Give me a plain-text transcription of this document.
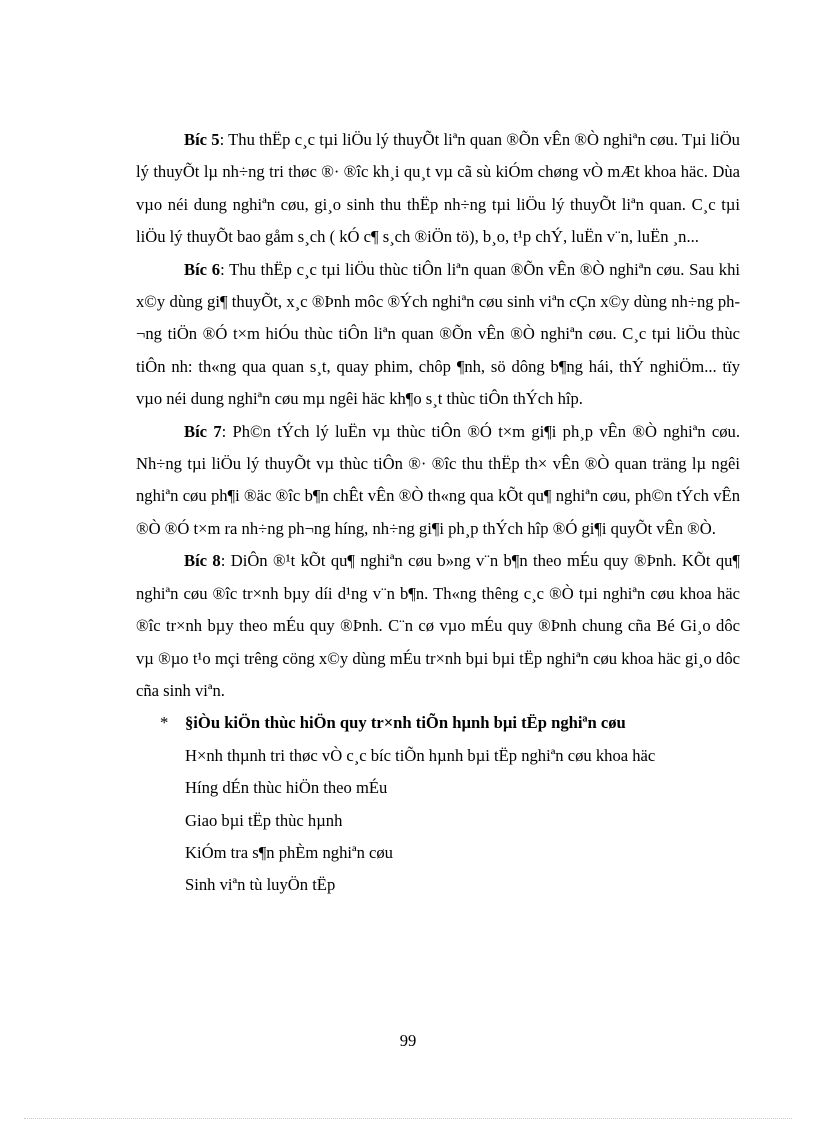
Bíc 5: Thu thËp c¸c tµi liÖu lý thuyÕt liªn quan ®Õn vÊn ®Ò nghiªn cøu. Tµi liÖu lý thuyÕt lµ nh÷ng tri thøc ®· ®îc kh¸i qu¸t vµ cã sù kiÓm chøng vÒ mÆt khoa häc. Dùa vµo néi dung nghiªn cøu, gi¸o sinh thu thËp nh÷ng tµi liÖu lý thuyÕt liªn quan. C¸c tµi liÖu lý thuyÕt bao gåm s¸ch ( kÓ c¶ s¸ch ®iÖn tö), b¸o, t¹p chÝ, luËn v¨n, luËn ¸n...

Bíc 6: Thu thËp c¸c tµi liÖu thùc tiÔn liªn quan ®Õn vÊn ®Ò nghiªn cøu. Sau khi x©y dùng gi¶ thuyÕt, x¸c ®Þnh môc ®Ých nghiªn cøu sinh viªn cÇn x©y dùng nh÷ng ph¬ng tiÖn ®Ó t×m hiÓu thùc tiÔn liªn quan ®Õn vÊn ®Ò nghiªn cøu. C¸c tµi liÖu thùc tiÔn nh: th«ng qua quan s¸t, quay phim, chôp ¶nh, sö dông b¶ng hái, thÝ nghiÖm... tïy vµo néi dung nghiªn cøu mµ ngêi häc kh¶o s¸t thùc tiÔn thÝch hîp.

Bíc 7: Ph©n tÝch lý luËn vµ thùc tiÔn ®Ó t×m gi¶i ph¸p vÊn ®Ò nghiªn cøu. Nh÷ng tµi liÖu lý thuyÕt vµ thùc tiÔn ®· ®îc thu thËp th× vÊn ®Ò quan träng lµ ngêi nghiªn cøu ph¶i ®äc ®îc b¶n chÊt vÊn ®Ò th«ng qua kÕt qu¶ nghiªn cøu, ph©n tÝch vÊn ®Ò ®Ó t×m ra nh÷ng ph¬ng híng, nh÷ng gi¶i ph¸p thÝch hîp ®Ó gi¶i quyÕt vÊn ®Ò.

Bíc 8: DiÔn ®¹t kÕt qu¶ nghiªn cøu b»ng v¨n b¶n theo mÉu quy ®Þnh. KÕt qu¶ nghiªn cøu ®îc tr×nh bµy díi d¹ng v¨n b¶n. Th«ng thêng c¸c ®Ò tµi nghiªn cøu khoa häc ®îc tr×nh bµy theo mÉu quy ®Þnh. C¨n cø vµo mÉu quy ®Þnh chung cña Bé Gi¸o dôc vµ ®µo t¹o mçi trêng cöng x©y dùng mÉu tr×nh bµi bµi tËp nghiªn cøu khoa häc gi¸o dôc cña sinh viªn.

* §iÒu kiÖn thùc hiÖn quy tr×nh tiÕn hµnh bµi tËp nghiªn cøu

H×nh thµnh tri thøc vÒ c¸c bíc tiÕn hµnh bµi tËp nghiªn cøu khoa häc

Híng dÉn thùc hiÖn theo mÉu

Giao bµi tËp thùc hµnh

KiÓm tra s¶n phÈm nghiªn cøu

Sinh viªn tù luyÖn tËp

99
